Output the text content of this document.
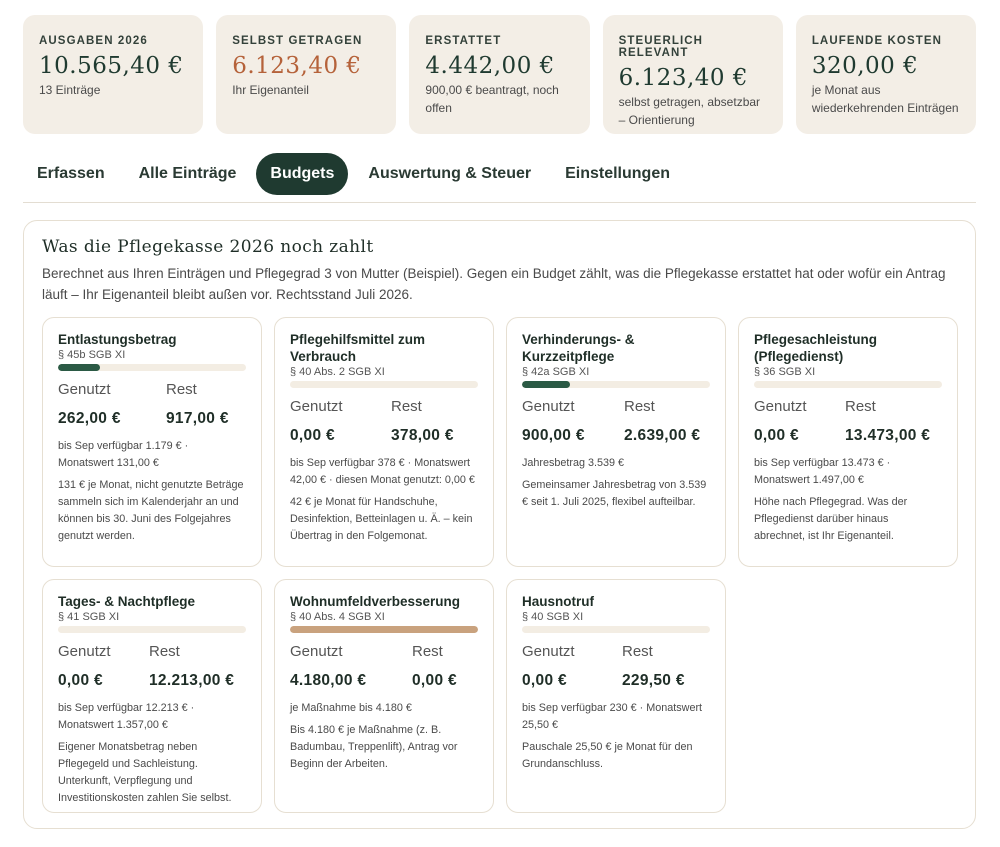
AUSGABEN 2026
10.565,40 €
13 Einträge
SELBST GETRAGEN
6.123,40 €
Ihr Eigenanteil
ERSTATTET
4.442,00 €
900,00 € beantragt, noch offen
STEUERLICH RELEVANT
6.123,40 €
selbst getragen, absetzbar – Orientierung
LAUFENDE KOSTEN
320,00 €
je Monat aus wiederkehrenden Einträgen
Erfassen	Alle Einträge	Budgets	Auswertung & Steuer	Einstellungen
Was die Pflegekasse 2026 noch zahlt
Berechnet aus Ihren Einträgen und Pflegegrad 3 von Mutter (Beispiel). Gegen ein Budget zählt, was die Pflegekasse erstattet hat oder wofür ein Antrag läuft – Ihr Eigenanteil bleibt außen vor. Rechtsstand Juli 2026.
Entlastungsbetrag
§ 45b SGB XI
Genutzt
262,00 €
Rest
917,00 €
bis Sep verfügbar 1.179 € · Monatswert 131,00 €
131 € je Monat, nicht genutzte Beträge sammeln sich im Kalenderjahr an und können bis 30. Juni des Folgejahres genutzt werden.
Pflegehilfsmittel zum Verbrauch
§ 40 Abs. 2 SGB XI
Genutzt
0,00 €
Rest
378,00 €
bis Sep verfügbar 378 € · Monatswert 42,00 € · diesen Monat genutzt: 0,00 €
42 € je Monat für Handschuhe, Desinfektion, Betteinlagen u. Ä. – kein Übertrag in den Folgemonat.
Verhinderungs- & Kurzzeitpflege
§ 42a SGB XI
Genutzt
900,00 €
Rest
2.639,00 €
Jahresbetrag 3.539 €
Gemeinsamer Jahresbetrag von 3.539 € seit 1. Juli 2025, flexibel aufteilbar.
Pflegesachleistung (Pflegedienst)
§ 36 SGB XI
Genutzt
0,00 €
Rest
13.473,00 €
bis Sep verfügbar 13.473 € · Monatswert 1.497,00 €
Höhe nach Pflegegrad. Was der Pflegedienst darüber hinaus abrechnet, ist Ihr Eigenanteil.
Tages- & Nachtpflege
§ 41 SGB XI
Genutzt
0,00 €
Rest
12.213,00 €
bis Sep verfügbar 12.213 € · Monatswert 1.357,00 €
Eigener Monatsbetrag neben Pflegegeld und Sachleistung. Unterkunft, Verpflegung und Investitionskosten zahlen Sie selbst.
Wohnumfeldverbesserung
§ 40 Abs. 4 SGB XI
Genutzt
4.180,00 €
Rest
0,00 €
je Maßnahme bis 4.180 €
Bis 4.180 € je Maßnahme (z. B. Badumbau, Treppenlift), Antrag vor Beginn der Arbeiten.
Hausnotruf
§ 40 SGB XI
Genutzt
0,00 €
Rest
229,50 €
bis Sep verfügbar 230 € · Monatswert 25,50 €
Pauschale 25,50 € je Monat für den Grundanschluss.
